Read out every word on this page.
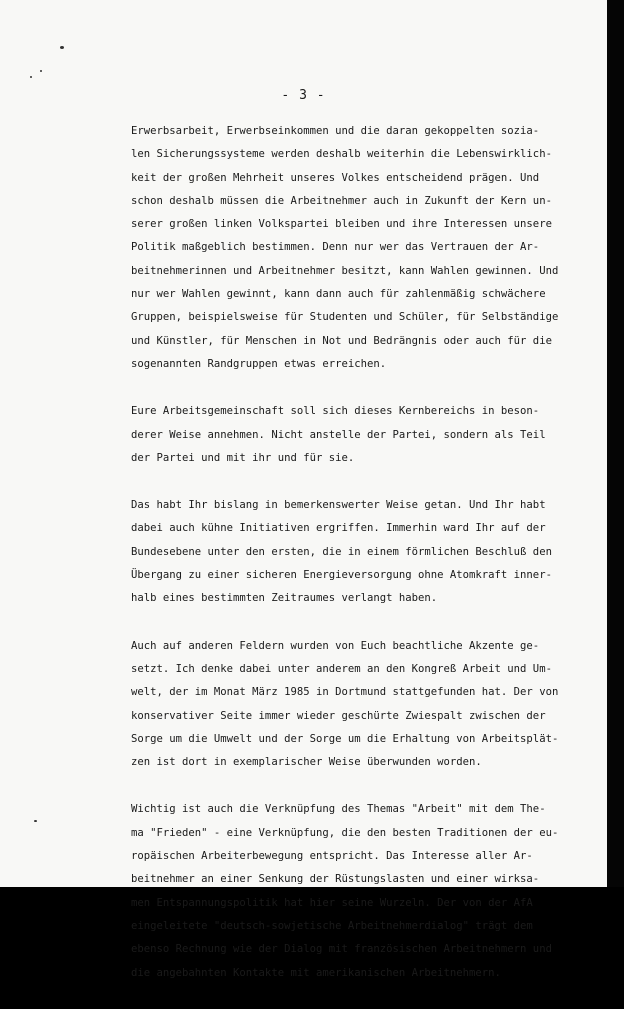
- 3 -

Erwerbsarbeit, Erwerbseinkommen und die daran gekoppelten sozia-
len Sicherungssysteme werden deshalb weiterhin die Lebenswirklich-
keit der großen Mehrheit unseres Volkes entscheidend prägen. Und
schon deshalb müssen die Arbeitnehmer auch in Zukunft der Kern un-
serer großen linken Volkspartei bleiben und ihre Interessen unsere
Politik maßgeblich bestimmen. Denn nur wer das Vertrauen der Ar-
beitnehmerinnen und Arbeitnehmer besitzt, kann Wahlen gewinnen. Und
nur wer Wahlen gewinnt, kann dann auch für zahlenmäßig schwächere
Gruppen, beispielsweise für Studenten und Schüler, für Selbständige
und Künstler, für Menschen in Not und Bedrängnis oder auch für die
sogenannten Randgruppen etwas erreichen.

Eure Arbeitsgemeinschaft soll sich dieses Kernbereichs in beson-
derer Weise annehmen. Nicht anstelle der Partei, sondern als Teil
der Partei und mit ihr und für sie.

Das habt Ihr bislang in bemerkenswerter Weise getan. Und Ihr habt
dabei auch kühne Initiativen ergriffen. Immerhin ward Ihr auf der
Bundesebene unter den ersten, die in einem förmlichen Beschluß den
Übergang zu einer sicheren Energieversorgung ohne Atomkraft inner-
halb eines bestimmten Zeitraumes verlangt haben.

Auch auf anderen Feldern wurden von Euch beachtliche Akzente ge-
setzt. Ich denke dabei unter anderem an den Kongreß Arbeit und Um-
welt, der im Monat März 1985 in Dortmund stattgefunden hat. Der von
konservativer Seite immer wieder geschürte Zwiespalt zwischen der
Sorge um die Umwelt und der Sorge um die Erhaltung von Arbeitsplät-
zen ist dort in exemplarischer Weise überwunden worden.

Wichtig ist auch die Verknüpfung des Themas "Arbeit" mit dem The-
ma "Frieden" - eine Verknüpfung, die den besten Traditionen der eu-
ropäischen Arbeiterbewegung entspricht. Das Interesse aller Ar-
beitnehmer an einer Senkung der Rüstungslasten und einer wirksa-
men Entspannungspolitik hat hier seine Wurzeln. Der von der AfA
eingeleitete "deutsch-sowjetische Arbeitnehmerdialog" trägt dem
ebenso Rechnung wie der Dialog mit französischen Arbeitnehmern und
die angebahnten Kontakte mit amerikanischen Arbeitnehmern.
